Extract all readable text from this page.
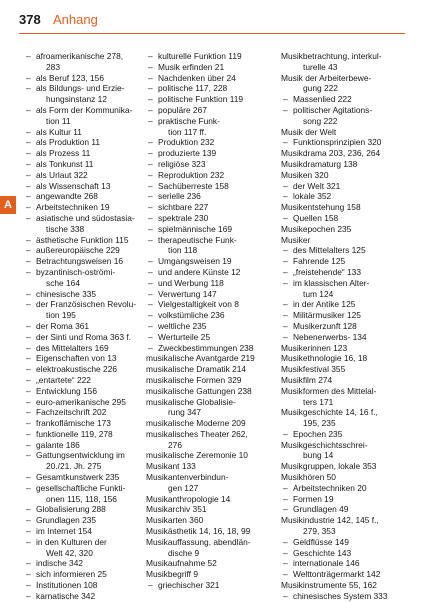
378 Anhang
A
– afroamerikanische 278,
283
– als Beruf 123, 156
– als Bildungs- und Erzie-
hungsinstanz 12
– als Form der Kommunika-
tion 11
– als Kultur 11
– als Produktion 11
– als Prozess 11
– als Tonkunst 11
– als Urlaut 322
– als Wissenschaft 13
– angewandte 268
– Arbeitstechniken 19
– asiatische und südostasia-
tische 338
– ästhetische Funktion 115
– außereuropäische 229
– Betrachtungsweisen 16
– byzantinisch-oströmi-
sche 164
– chinesische 335
– der Französischen Revolu-
tion 195
– der Roma 361
– der Sinti und Roma 363 f.
– des Mittelalters 169
– Eigenschaften von 13
– elektroakustische 226
– „entartete“ 222
– Entwicklung 156
– euro-amerikanische 295
– Fachzeitschrift 202
– frankoflämische 173
– funktionelle 119, 278
– galante 186
– Gattungsentwicklung im
20./21. Jh. 275
– Gesamtkunstwerk 235
– gesellschaftliche Funkti-
onen 115, 118, 156
– Globalisierung 288
– Grundlagen 235
– im Internet 154
– in den Kulturen der
Welt 42, 320
– indische 342
– sich informieren 25
– Institutionen 108
– karnatische 342
– kulturelle Funktion 119
– Musik erfinden 21
– Nachdenken über 24
– politische 117, 228
– politische Funktion 119
– populäre 267
– praktische Funk-
tion 117 ff.
– Produktion 232
– produzierte 139
– religiöse 323
– Reproduktion 232
– Sachüberreste 158
– serielle 236
– sichtbare 227
– spektrale 230
– spielmännische 169
– therapeutische Funk-
tion 118
– Umgangsweisen 19
– und andere Künste 12
– und Werbung 118
– Verwertung 147
– Vielgestaltigkeit von 8
– volkstümliche 236
– weltliche 235
– Werturteile 25
– Zweckbestimmungen 238
musikalische Avantgarde 219
musikalische Dramatik 214
musikalische Formen 329
musikalische Gattungen 238
musikalische Globalisie-
rung 347
musikalische Moderne 209
musikalisches Theater 262,
276
musikalische Zeremonie 10
Musikant 133
Musikantenverbindun-
gen 127
Musikanthropologie 14
Musikarchiv 351
Musikarten 360
Musikästhetik 14, 16, 18, 99
Musikauffassung, abendlän-
dische 9
Musikaufnahme 52
Musikbegriff 9
– griechischer 321
Musikbetrachtung, interkul-
turelle 43
Musik der Arbeiterbewe-
gung 222
– Massenlied 222
– politischer Agitations-
song 222
Musik der Welt
– Funktionsprinzipien 320
Musikdrama 203, 236, 264
Musikdramaturg 138
Musiken 320
– der Welt 321
– lokale 352
Musikentstehung 158
– Quellen 158
Musikepochen 235
Musiker
– des Mittelalters 125
– Fahrende 125
– „freistehende“ 133
– im klassischen Alter-
tum 124
– in der Antike 125
– Militärmusiker 125
– Musikerzunft 128
– Nebenerwerbs- 134
Musikerinnen 123
Musikethnologie 16, 18
Musikfestival 355
Musikfilm 274
Musikformen des Mittelal-
ters 171
Musikgeschichte 14, 16 f.,
195, 235
– Epochen 235
Musikgeschichtsschrei-
bung 14
Musikgruppen, lokale 353
Musikhören 50
– Arbeitstechniken 20
– Formen 19
– Grundlagen 49
Musikindustrie 142, 145 f.,
279, 353
– Geldflüsse 149
– Geschichte 143
– internationale 146
– Welttonträgermarkt 142
Musikinstrumente 55, 162
– chinesisches System 333
